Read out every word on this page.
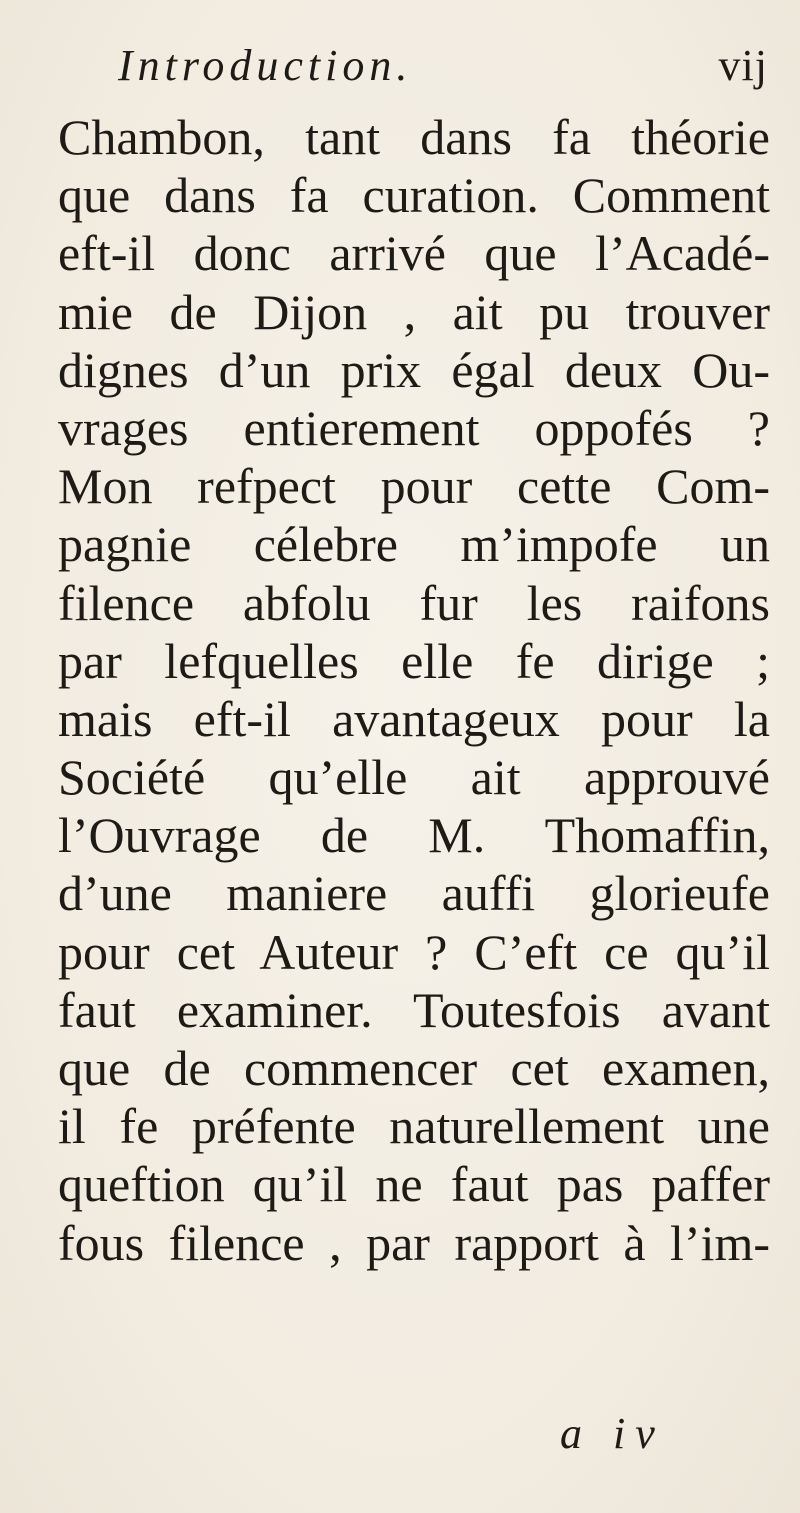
Introduction.	vij
Chambon, tant dans fa théorie
que dans fa curation. Comment
eft-il donc arrivé que l’Acadé-
mie de Dijon , ait pu trouver
dignes d’un prix égal deux Ou-
vrages entierement oppofés ?
Mon refpect pour cette Com-
pagnie célebre m’impofe un
filence abfolu fur les raifons
par lefquelles elle fe dirige ;
mais eft-il avantageux pour la
Société qu’elle ait approuvé
l’Ouvrage de M. Thomaffin,
d’une maniere auffi glorieufe
pour cet Auteur ? C’eft ce qu’il
faut examiner. Toutesfois avant
que de commencer cet examen,
il fe préfente naturellement une
queftion qu’il ne faut pas paffer
fous filence , par rapport à l’im-
a iv
